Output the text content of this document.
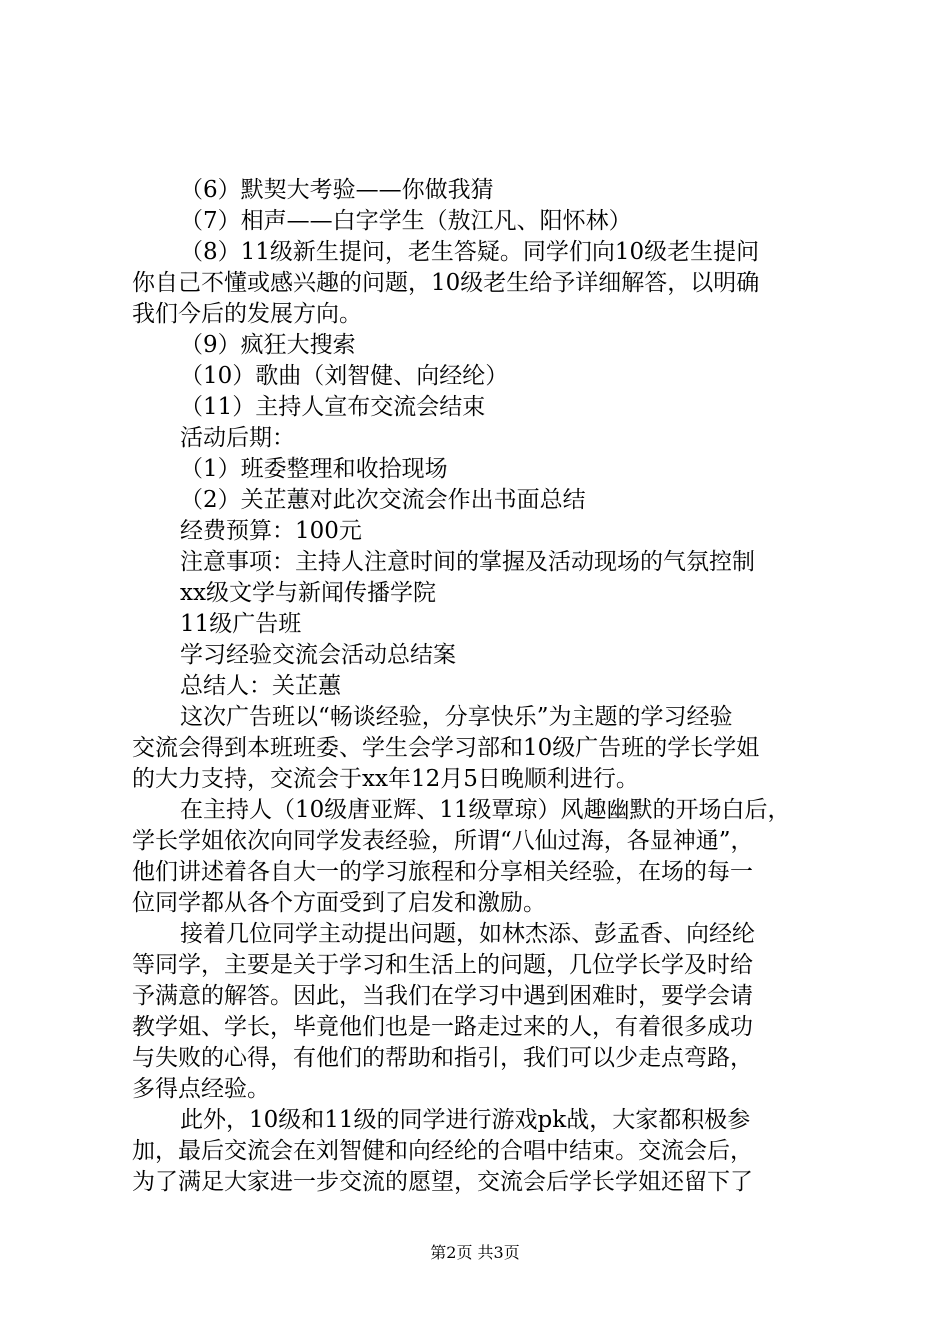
（6）默契大考验——你做我猜
（7）相声——白字学生（敖江凡、阳怀林）
（8）11级新生提问，老生答疑。同学们向10级老生提问
你自己不懂或感兴趣的问题，10级老生给予详细解答，以明确
我们今后的发展方向。
（9）疯狂大搜索
（10）歌曲（刘智健、向经纶）
（11）主持人宣布交流会结束
活动后期：
（1）班委整理和收拾现场
（2）关芷蕙对此次交流会作出书面总结
经费预算：100元
注意事项：主持人注意时间的掌握及活动现场的气氛控制
xx级文学与新闻传播学院
11级广告班
学习经验交流会活动总结案
总结人：关芷蕙
这次广告班以“畅谈经验，分享快乐”为主题的学习经验
交流会得到本班班委、学生会学习部和10级广告班的学长学姐
的大力支持，交流会于xx年12月5日晚顺利进行。
在主持人（10级唐亚辉、11级覃琼）风趣幽默的开场白后，
学长学姐依次向同学发表经验，所谓“八仙过海，各显神通”，
他们讲述着各自大一的学习旅程和分享相关经验，在场的每一
位同学都从各个方面受到了启发和激励。
接着几位同学主动提出问题，如林杰添、彭孟香、向经纶
等同学，主要是关于学习和生活上的问题，几位学长学及时给
予满意的解答。因此，当我们在学习中遇到困难时，要学会请
教学姐、学长，毕竟他们也是一路走过来的人，有着很多成功
与失败的心得，有他们的帮助和指引，我们可以少走点弯路，
多得点经验。
此外，10级和11级的同学进行游戏pk战，大家都积极参
加，最后交流会在刘智健和向经纶的合唱中结束。交流会后，
为了满足大家进一步交流的愿望，交流会后学长学姐还留下了
第2页 共3页
